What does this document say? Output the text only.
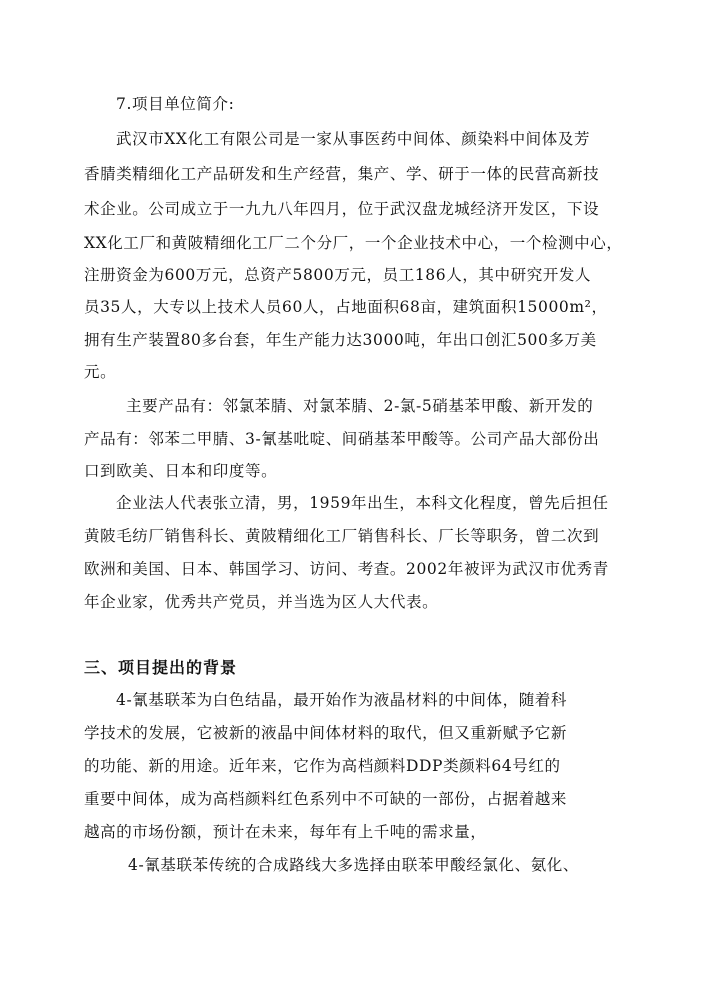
7.项目单位简介:
武汉市XX化工有限公司是一家从事医药中间体、颜染料中间体及芳
香腈类精细化工产品研发和生产经营，集产、学、研于一体的民营高新技
术企业。公司成立于一九九八年四月，位于武汉盘龙城经济开发区，下设
XX化工厂和黄陂精细化工厂二个分厂，一个企业技术中心，一个检测中心，
注册资金为600万元，总资产5800万元，员工186人，其中研究开发人
员35人，大专以上技术人员60人，占地面积68亩，建筑面积15000m²，
拥有生产装置80多台套，年生产能力达3000吨，年出口创汇500多万美
元。
主要产品有：邻氯苯腈、对氯苯腈、2-氯-5硝基苯甲酸、新开发的
产品有：邻苯二甲腈、3-氰基吡啶、间硝基苯甲酸等。公司产品大部份出
口到欧美、日本和印度等。
企业法人代表张立清，男，1959年出生，本科文化程度，曾先后担任
黄陂毛纺厂销售科长、黄陂精细化工厂销售科长、厂长等职务，曾二次到
欧洲和美国、日本、韩国学习、访问、考查。2002年被评为武汉市优秀青
年企业家，优秀共产党员，并当选为区人大代表。
三、项目提出的背景
4-氰基联苯为白色结晶，最开始作为液晶材料的中间体，随着科
学技术的发展，它被新的液晶中间体材料的取代，但又重新赋予它新
的功能、新的用途。近年来，它作为高档颜料DDP类颜料64号红的
重要中间体，成为高档颜料红色系列中不可缺的一部份，占据着越来
越高的市场份额，预计在未来，每年有上千吨的需求量，
4-氰基联苯传统的合成路线大多选择由联苯甲酸经氯化、氨化、
